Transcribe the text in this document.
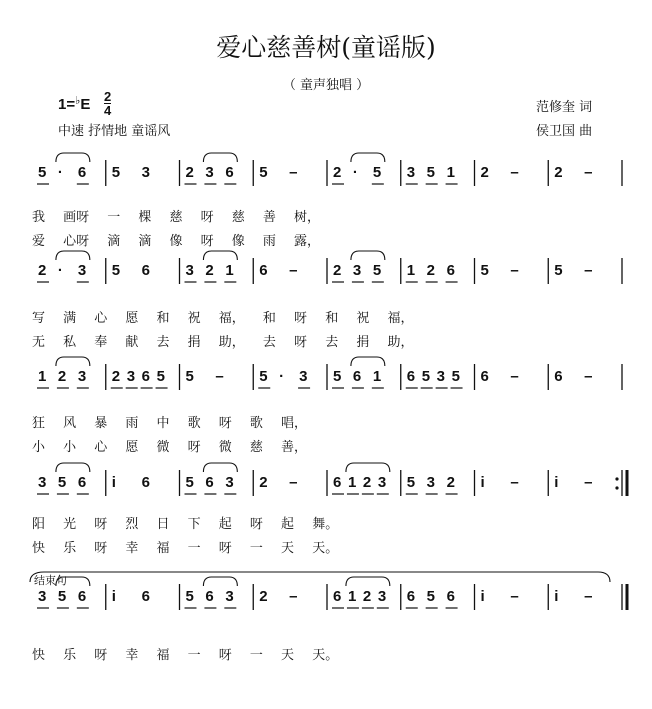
爱心慈善树(童谣版)
（ 童声独唱 ）
1=♭E 2
4
中速 抒情地 童谣风
范修奎 词
侯卫国 曲
5 · 6 5 3 2 3 6 5 – 2 · 5 3 5 1 2 – 2 –
我 画呀 一 棵 慈 呀 慈 善 树，
爱 心呀 滴 滴 像 呀 像 雨 露，
2 · 3 5 6 3 2 1 6 – 2 3 5 1 2 6 5 – 5 –
写 满 心 愿 和 祝 福， 和 呀 和 祝 福，
无 私 奉 献 去 捐 助， 去 呀 去 捐 助，
1 2 3 2 3 6 5 5 – 5 · 3 5 6 1 6 5 3 5 6 – 6 –
狂 风 暴 雨 中 歌 呀 歌 唱，
小 小 心 愿 微 呀 微 慈 善，
3 5 6 i 6 5 6 3 2 – 6 1 2 3 5 3 2 i – i –
阳 光 呀 烈 日 下 起 呀 起 舞。
快 乐 呀 幸 福 一 呀 一 天 天。
3 5 6 i 6 5 6 3 2 – 6 1 2 3 6 5 6 i – i –
快 乐 呀 幸 福 一 呀 一 天 天。
结束句
